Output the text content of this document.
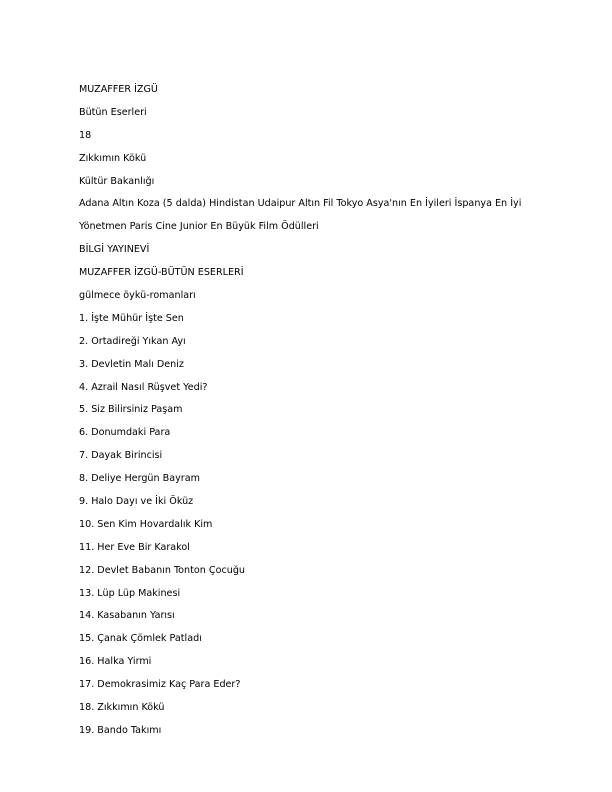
MUZAFFER İZGÜ
Bütün Eserleri
18
Zıkkımın Kökü
Kültür Bakanlığı
Adana Altın Koza (5 dalda) Hindistan Udaipur Altın Fil Tokyo Asya'nın En İyileri İspanya En İyi
Yönetmen Paris Cine Junior En Büyük Film Ödülleri
BİLGİ YAYINEVİ
MUZAFFER İZGÜ-BÜTÜN ESERLERİ
gülmece öykü-romanları
1. İşte Mühür İşte Sen
2. Ortadireği Yıkan Ayı
3. Devletin Malı Deniz
4. Azrail Nasıl Rüşvet Yedi?
5. Siz Bilirsiniz Paşam
6. Donumdaki Para
7. Dayak Birincisi
8. Deliye Hergün Bayram
9. Halo Dayı ve İki Öküz
10. Sen Kim Hovardalık Kim
11. Her Eve Bir Karakol
12. Devlet Babanın Tonton Çocuğu
13. Lüp Lüp Makinesi
14. Kasabanın Yarısı
15. Çanak Çömlek Patladı
16. Halka Yirmi
17. Demokrasimiz Kaç Para Eder?
18. Zıkkımın Kökü
19. Bando Takımı
